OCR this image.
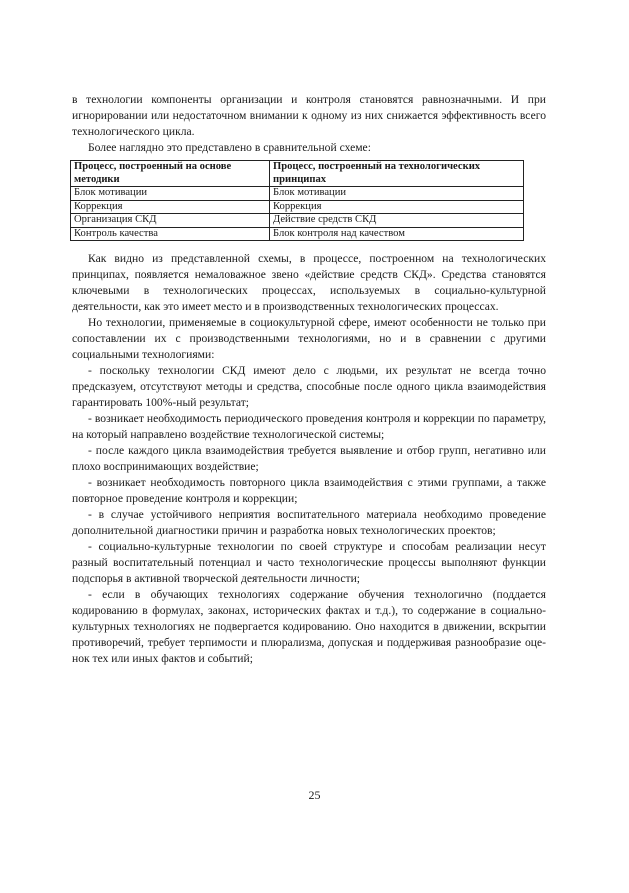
в технологии компоненты организации и контроля становятся равнозначными. И при игнорировании или недостаточном внимании к одному из них снижается эффективность всего технологического цикла.

Более наглядно это представлено в сравнительной схеме:

Процесс, построенный на основе методики	Процесс, построенный на технологических принципах
Блок мотивации	Блок мотивации
Коррекция	Коррекция
Организация СКД	Действие средств СКД
Контроль качества	Блок контроля над качеством

Как видно из представленной схемы, в процессе, построенном на технологических принципах, появляется немаловажное звено «действие средств СКД». Средства становятся ключевыми в технологических процессах, используемых в социально-культурной деятельности, как это имеет место и в производственных технологических процессах.

Но технологии, применяемые в социокультурной сфере, имеют особенности не только при сопоставлении их с производственными технологиями, но и в сравнении с другими социальными технологиями:

- поскольку технологии СКД имеют дело с людьми, их результат не всегда точно предсказуем, отсутствуют методы и средства, способные после одного цикла взаимодействия гарантировать 100%-ный результат;

- возникает необходимость периодического проведения контроля и коррекции по параметру, на который направлено воздействие технологической системы;

- после каждого цикла взаимодействия требуется выявление и отбор групп, негативно или плохо воспринимающих воздействие;

- возникает необходимость повторного цикла взаимодействия с этими группами, а также повторное проведение контроля и коррекции;

- в случае устойчивого неприятия воспитательного материала необходимо проведение дополнительной диагностики причин и разработка новых технологических проектов;

- социально-культурные технологии по своей структуре и способам реализации несут разный воспитательный потенциал и часто технологические процессы выполняют функции подспорья в активной творческой деятельности личности;

- если в обучающих технологиях содержание обучения технологично (поддается кодированию в формулах, законах, исторических фактах и т.д.), то содержание в социально-культурных технологиях не подвергается кодированию. Оно находится в движении, вскрытии противоречий, требует терпимости и плюрализма, допуская и поддерживая разнообразие оценок тех или иных фактов и событий;

25
